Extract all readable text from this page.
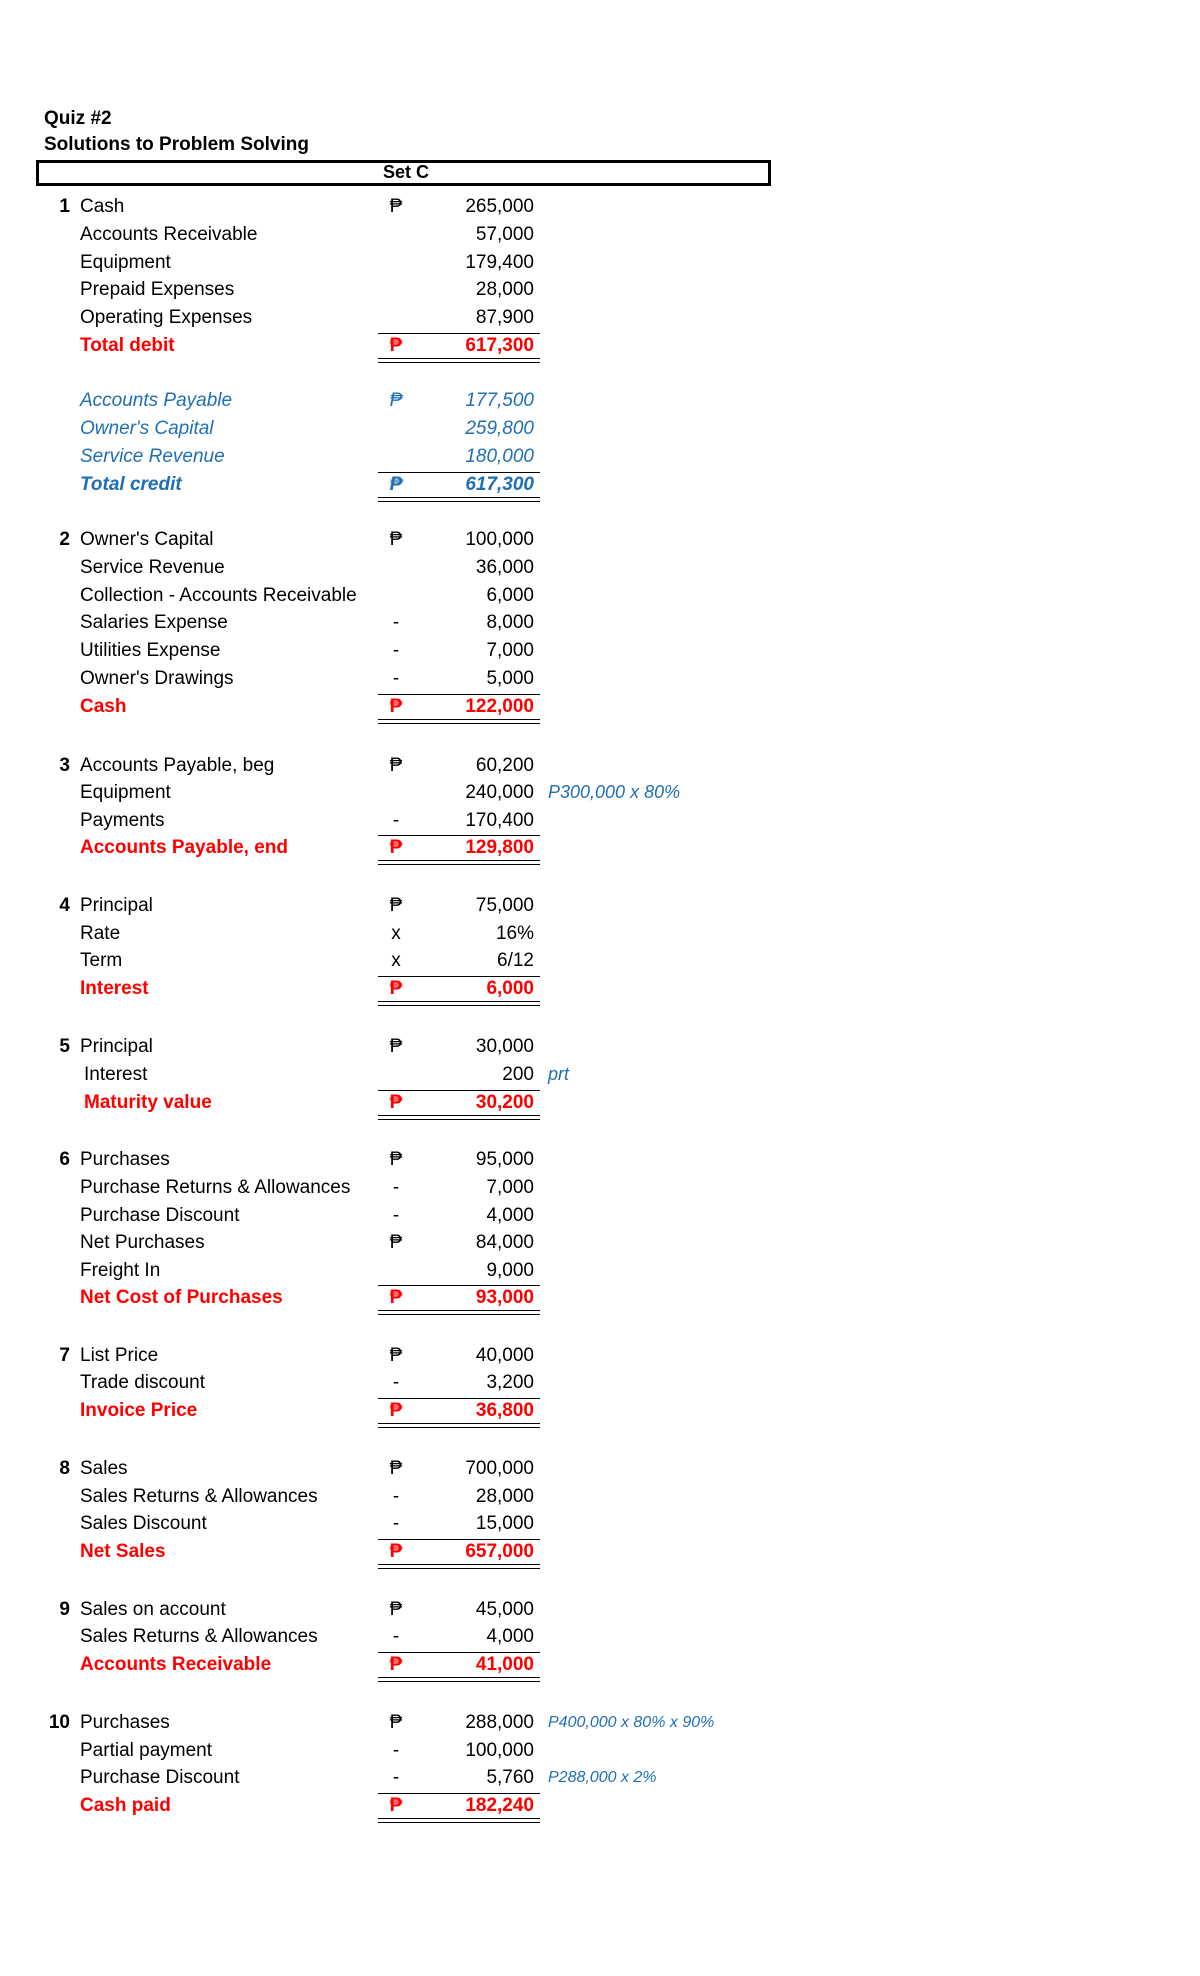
Quiz #2
Solutions to Problem Solving
Set C
1 Cash	₱	265,000
Accounts Receivable	57,000
Equipment	179,400
Prepaid Expenses	28,000
Operating Expenses	87,900
Total debit	₱	617,300
Accounts Payable	₱	177,500
Owner's Capital	259,800
Service Revenue	180,000
Total credit	₱	617,300
2 Owner's Capital	₱	100,000
Service Revenue	36,000
Collection - Accounts Receivable	6,000
Salaries Expense	-	8,000
Utilities Expense	-	7,000
Owner's Drawings	-	5,000
Cash	₱	122,000
3 Accounts Payable, beg	₱	60,200
Equipment	240,000 P300,000 x 80%
Payments	-	170,400
Accounts Payable, end	₱	129,800
4 Principal	₱	75,000
Rate	x	16%
Term	x	6/12
Interest	₱	6,000
5 Principal	₱	30,000
Interest	200 prt
Maturity value	₱	30,200
6 Purchases	₱	95,000
Purchase Returns & Allowances	-	7,000
Purchase Discount	-	4,000
Net Purchases	₱	84,000
Freight In	9,000
Net Cost of Purchases	₱	93,000
7 List Price	₱	40,000
Trade discount	-	3,200
Invoice Price	₱	36,800
8 Sales	₱	700,000
Sales Returns & Allowances	-	28,000
Sales Discount	-	15,000
Net Sales	₱	657,000
9 Sales on account	₱	45,000
Sales Returns & Allowances	-	4,000
Accounts Receivable	₱	41,000
10 Purchases	₱	288,000 P400,000 x 80% x 90%
Partial payment	-	100,000
Purchase Discount	-	5,760 P288,000 x 2%
Cash paid	₱	182,240
